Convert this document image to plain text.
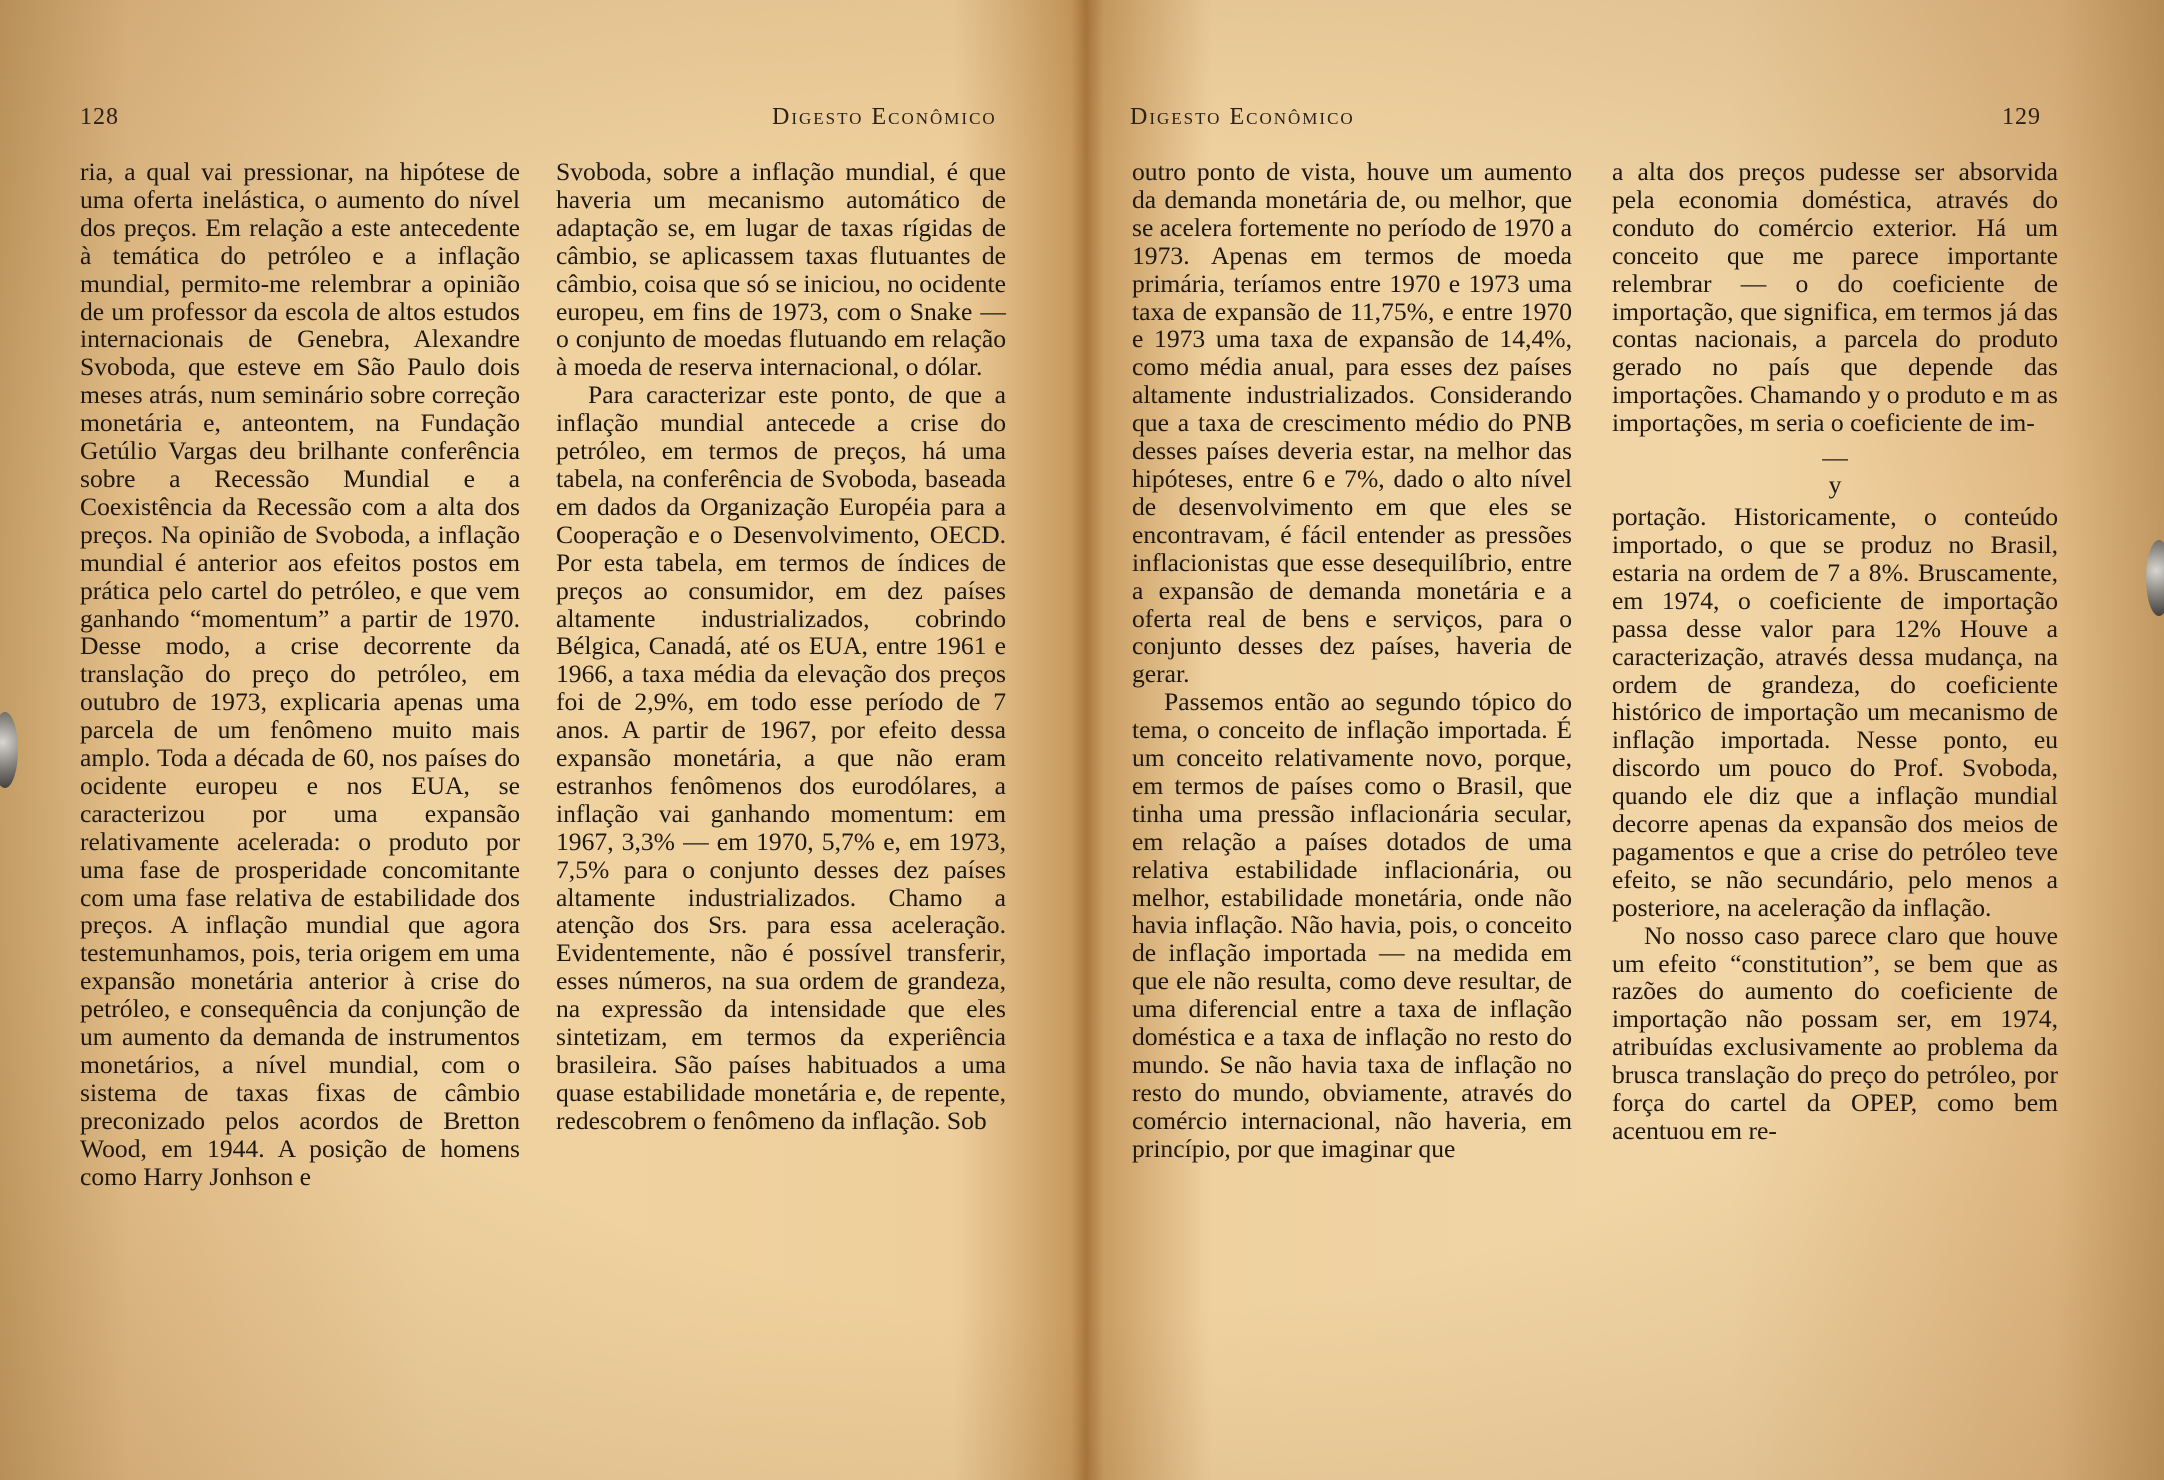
128	Digesto Econômico

ria, a qual vai pressionar, na hipótese de uma oferta inelástica, o aumento do nível dos preços. Em relação a este antecedente à temática do petróleo e a inflação mundial, permito-me relembrar a opinião de um professor da escola de altos estudos internacionais de Genebra, Alexandre Svoboda, que esteve em São Paulo dois meses atrás, num seminário sobre correção monetária e, anteontem, na Fundação Getúlio Vargas deu brilhante conferência sobre a Recessão Mundial e a Coexistência da Recessão com a alta dos preços. Na opinião de Svoboda, a inflação mundial é anterior aos efeitos postos em prática pelo cartel do petróleo, e que vem ganhando “momentum” a partir de 1970. Desse modo, a crise decorrente da translação do preço do petróleo, em outubro de 1973, explicaria apenas uma parcela de um fenômeno muito mais amplo. Toda a década de 60, nos países do ocidente europeu e nos EUA, se caracterizou por uma expansão relativamente acelerada: o produto por uma fase de prosperidade concomitante com uma fase relativa de estabilidade dos preços. A inflação mundial que agora testemunhamos, pois, teria origem em uma expansão monetária anterior à crise do petróleo, e consequência da conjunção de um aumento da demanda de instrumentos monetários, a nível mundial, com o sistema de taxas fixas de câmbio preconizado pelos acordos de Bretton Wood, em 1944. A posição de homens como Harry Jonhson e

Svoboda, sobre a inflação mundial, é que haveria um mecanismo automático de adaptação se, em lugar de taxas rígidas de câmbio, se aplicassem taxas flutuantes de câmbio, coisa que só se iniciou, no ocidente europeu, em fins de 1973, com o Snake — o conjunto de moedas flutuando em relação à moeda de reserva internacional, o dólar.

Para caracterizar este ponto, de que a inflação mundial antecede a crise do petróleo, em termos de preços, há uma tabela, na conferência de Svoboda, baseada em dados da Organização Européia para a Cooperação e o Desenvolvimento, OECD. Por esta tabela, em termos de índices de preços ao consumidor, em dez países altamente industrializados, cobrindo Bélgica, Canadá, até os EUA, entre 1961 e 1966, a taxa média da elevação dos preços foi de 2,9%, em todo esse período de 7 anos. A partir de 1967, por efeito dessa expansão monetária, a que não eram estranhos fenômenos dos eurodólares, a inflação vai ganhando momentum: em 1967, 3,3% — em 1970, 5,7% e, em 1973, 7,5% para o conjunto desses dez países altamente industrializados. Chamo a atenção dos Srs. para essa aceleração. Evidentemente, não é possível transferir, esses números, na sua ordem de grandeza, na expressão da intensidade que eles sintetizam, em termos da experiência brasileira. São países habituados a uma quase estabilidade monetária e, de repente, redescobrem o fenômeno da inflação. Sob

Digesto Econômico	129

outro ponto de vista, houve um aumento da demanda monetária de, ou melhor, que se acelera fortemente no período de 1970 a 1973. Apenas em termos de moeda primária, teríamos entre 1970 e 1973 uma taxa de expansão de 11,75%, e entre 1970 e 1973 uma taxa de expansão de 14,4%, como média anual, para esses dez países altamente industrializados. Considerando que a taxa de crescimento médio do PNB desses países deveria estar, na melhor das hipóteses, entre 6 e 7%, dado o alto nível de desenvolvimento em que eles se encontravam, é fácil entender as pressões inflacionistas que esse desequilíbrio, entre a expansão de demanda monetária e a oferta real de bens e serviços, para o conjunto desses dez países, haveria de gerar.

Passemos então ao segundo tópico do tema, o conceito de inflação importada. É um conceito relativamente novo, porque, em termos de países como o Brasil, que tinha uma pressão inflacionária secular, em relação a países dotados de uma relativa estabilidade inflacionária, ou melhor, estabilidade monetária, onde não havia inflação. Não havia, pois, o conceito de inflação importada — na medida em que ele não resulta, como deve resultar, de uma diferencial entre a taxa de inflação doméstica e a taxa de inflação no resto do mundo. Se não havia taxa de inflação no resto do mundo, obviamente, através do comércio internacional, não haveria, em princípio, por que imaginar que

a alta dos preços pudesse ser absorvida pela economia doméstica, através do conduto do comércio exterior. Há um conceito que me parece importante relembrar — o do coeficiente de importação, que significa, em termos já das contas nacionais, a parcela do produto gerado no país que depende das importações. Chamando y o produto e m as importações, m seria o coeficiente de im-

—
y

portação. Historicamente, o conteúdo importado, o que se produz no Brasil, estaria na ordem de 7 a 8%. Bruscamente, em 1974, o coeficiente de importação passa desse valor para 12% Houve a caracterização, através dessa mudança, na ordem de grandeza, do coeficiente histórico de importação um mecanismo de inflação importada. Nesse ponto, eu discordo um pouco do Prof. Svoboda, quando ele diz que a inflação mundial decorre apenas da expansão dos meios de pagamentos e que a crise do petróleo teve efeito, se não secundário, pelo menos a posteriore, na aceleração da inflação.

No nosso caso parece claro que houve um efeito “constitution”, se bem que as razões do aumento do coeficiente de importação não possam ser, em 1974, atribuídas exclusivamente ao problema da brusca translação do preço do petróleo, por força do cartel da OPEP, como bem acentuou em re-
